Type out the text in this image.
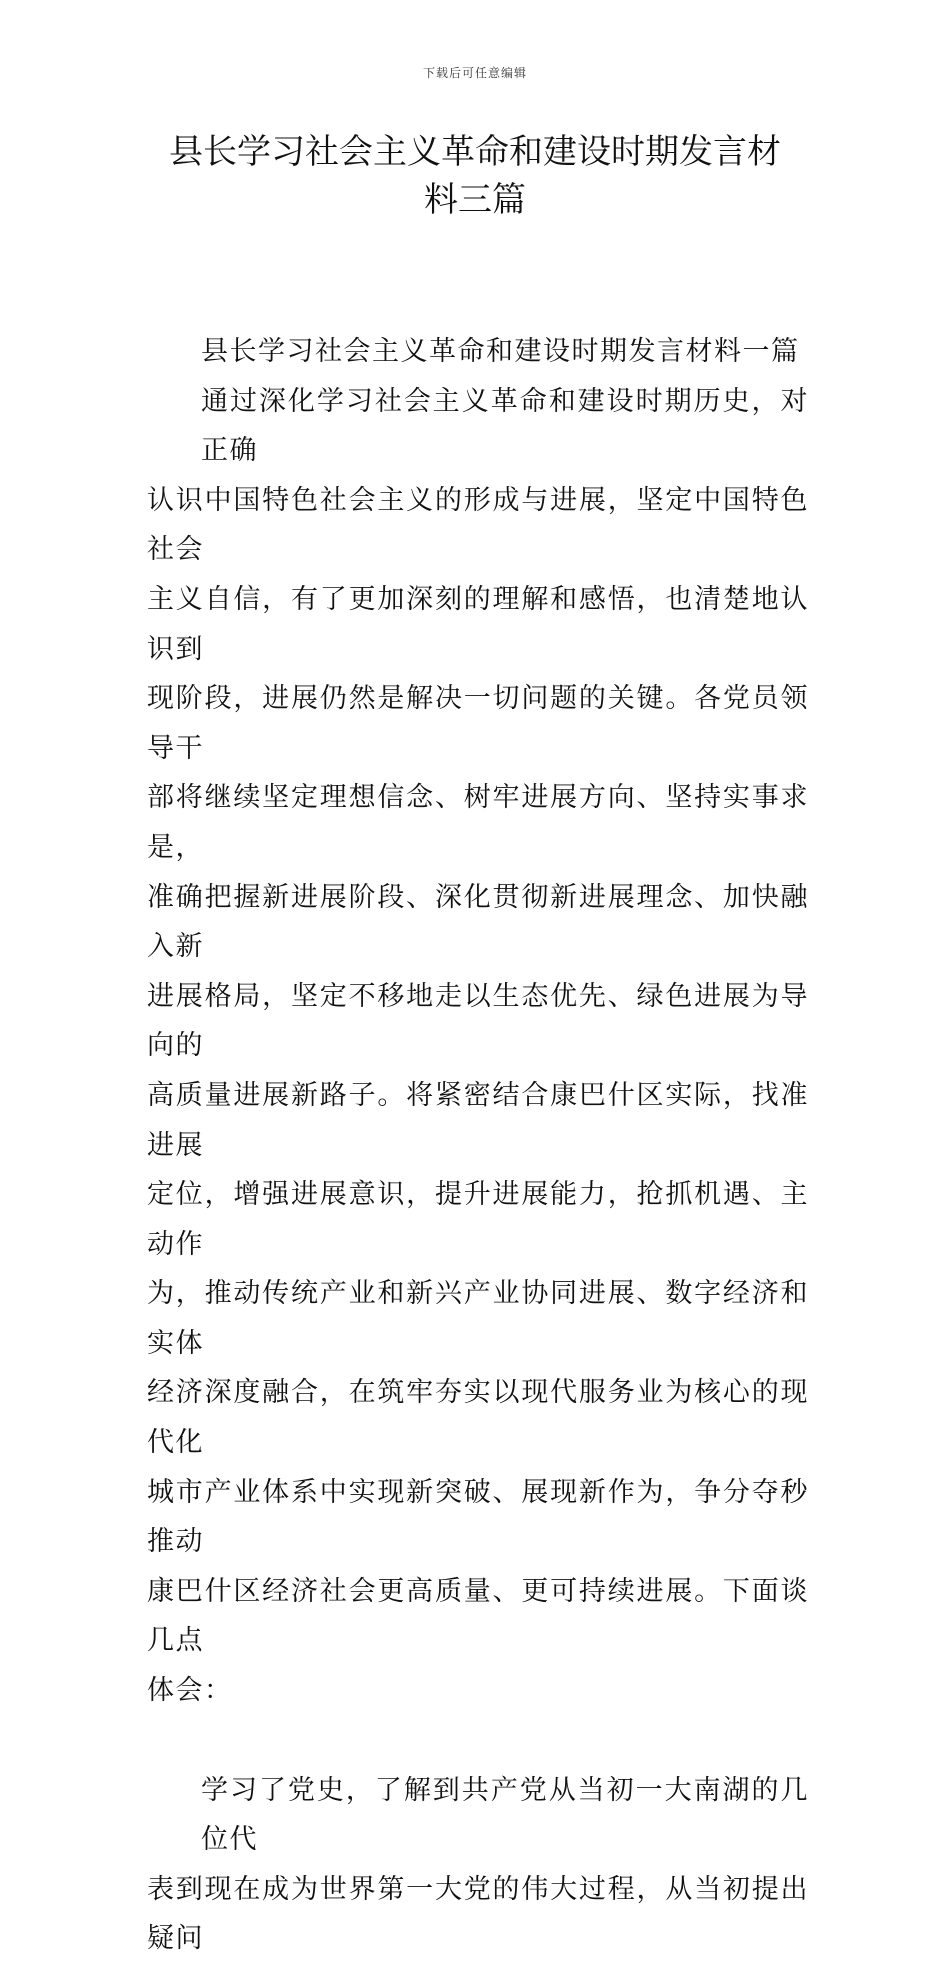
下载后可任意编辑
县长学习社会主义革命和建设时期发言材
料三篇
县长学习社会主义革命和建设时期发言材料一篇
通过深化学习社会主义革命和建设时期历史，对正确
认识中国特色社会主义的形成与进展，坚定中国特色社会
主义自信，有了更加深刻的理解和感悟，也清楚地认识到
现阶段，进展仍然是解决一切问题的关键。各党员领导干
部将继续坚定理想信念、树牢进展方向、坚持实事求是，
准确把握新进展阶段、深化贯彻新进展理念、加快融入新
进展格局，坚定不移地走以生态优先、绿色进展为导向的
高质量进展新路子。将紧密结合康巴什区实际，找准进展
定位，增强进展意识，提升进展能力，抢抓机遇、主动作
为，推动传统产业和新兴产业协同进展、数字经济和实体
经济深度融合，在筑牢夯实以现代服务业为核心的现代化
城市产业体系中实现新突破、展现新作为，争分夺秒推动
康巴什区经济社会更高质量、更可持续进展。下面谈几点
体会：
学习了党史，了解到共产党从当初一大南湖的几位代
表到现在成为世界第一大党的伟大过程，从当初提出疑问
